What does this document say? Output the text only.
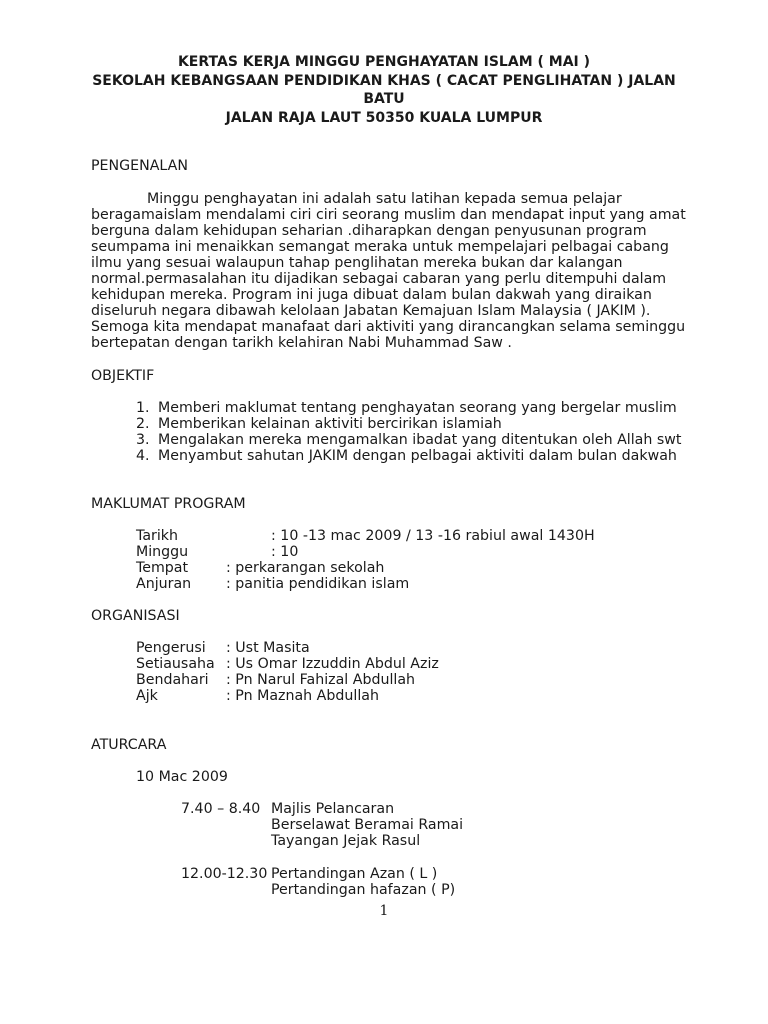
KERTAS KERJA MINGGU PENGHAYATAN ISLAM ( MAI )
SEKOLAH KEBANGSAAN PENDIDIKAN KHAS ( CACAT PENGLIHATAN ) JALAN
BATU
JALAN RAJA LAUT 50350 KUALA LUMPUR
PENGENALAN
Minggu penghayatan ini adalah satu latihan kepada semua pelajar
beragamaislam mendalami ciri ciri seorang muslim dan mendapat input yang amat
berguna dalam kehidupan seharian .diharapkan dengan penyusunan program
seumpama ini menaikkan semangat meraka untuk mempelajari pelbagai cabang
ilmu yang sesuai walaupun tahap penglihatan mereka bukan dar kalangan
normal.permasalahan itu dijadikan sebagai cabaran yang perlu ditempuhi dalam
kehidupan mereka. Program ini juga dibuat dalam bulan dakwah yang diraikan
diseluruh negara dibawah kelolaan Jabatan Kemajuan Islam Malaysia ( JAKIM ).
Semoga kita mendapat manafaat dari aktiviti yang dirancangkan selama seminggu
bertepatan dengan tarikh kelahiran Nabi Muhammad Saw .
OBJEKTIF
1. Memberi maklumat tentang penghayatan seorang yang bergelar muslim
2. Memberikan kelainan aktiviti bercirikan islamiah
3. Mengalakan mereka mengamalkan ibadat yang ditentukan oleh Allah swt
4. Menyambut sahutan JAKIM dengan pelbagai aktiviti dalam bulan dakwah
MAKLUMAT PROGRAM
Tarikh	: 10 -13 mac 2009 / 13 -16 rabiul awal 1430H
Minggu	: 10
Tempat	: perkarangan sekolah
Anjuran : panitia pendidikan islam
ORGANISASI
Pengerusi : Ust Masita
Setiausaha : Us Omar Izzuddin Abdul Aziz
Bendahari : Pn Narul Fahizal Abdullah
Ajk	: Pn Maznah Abdullah
ATURCARA
10 Mac 2009
7.40 – 8.40 Majlis Pelancaran
Berselawat Beramai Ramai
Tayangan Jejak Rasul
12.00-12.30 Pertandingan Azan ( L )
Pertandingan hafazan ( P)
1
